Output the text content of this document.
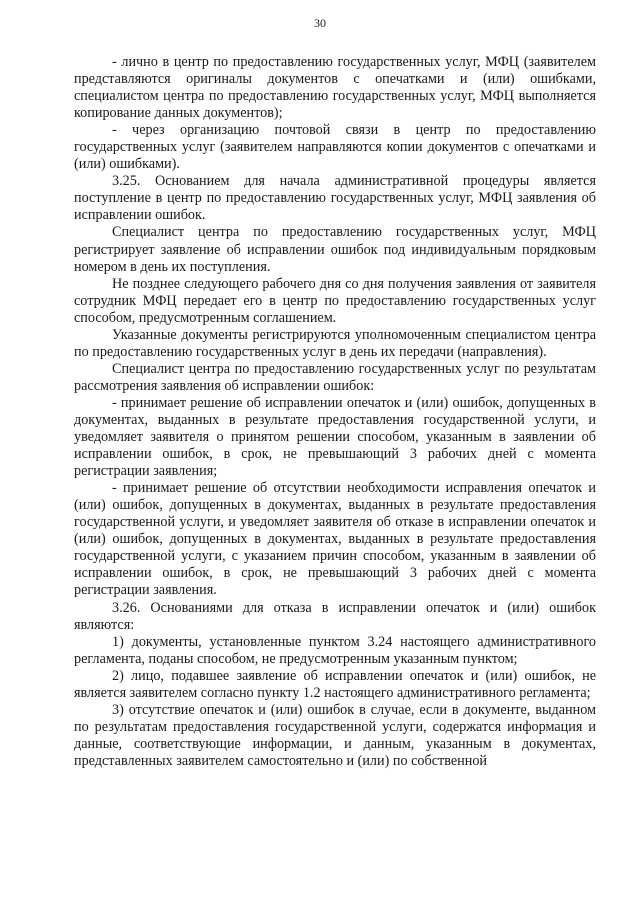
30

- лично в центр по предоставлению государственных услуг, МФЦ (заявителем представляются оригиналы документов с опечатками и (или) ошибками, специалистом центра по предоставлению государственных услуг, МФЦ выполняется копирование данных документов);

- через организацию почтовой связи в центр по предоставлению государственных услуг (заявителем направляются копии документов с опечатками и (или) ошибками).

3.25. Основанием для начала административной процедуры является поступление в центр по предоставлению государственных услуг, МФЦ заявления об исправлении ошибок.

Специалист центра по предоставлению государственных услуг, МФЦ регистрирует заявление об исправлении ошибок под индивидуальным порядковым номером в день их поступления.

Не позднее следующего рабочего дня со дня получения заявления от заявителя сотрудник МФЦ передает его в центр по предоставлению государственных услуг способом, предусмотренным соглашением.

Указанные документы регистрируются уполномоченным специалистом центра по предоставлению государственных услуг в день их передачи (направления).

Специалист центра по предоставлению государственных услуг по результатам рассмотрения заявления об исправлении ошибок:

- принимает решение об исправлении опечаток и (или) ошибок, допущенных в документах, выданных в результате предоставления государственной услуги, и уведомляет заявителя о принятом решении способом, указанным в заявлении об исправлении ошибок, в срок, не превышающий 3 рабочих дней с момента регистрации заявления;

- принимает решение об отсутствии необходимости исправления опечаток и (или) ошибок, допущенных в документах, выданных в результате предоставления государственной услуги, и уведомляет заявителя об отказе в исправлении опечаток и (или) ошибок, допущенных в документах, выданных в результате предоставления государственной услуги, с указанием причин способом, указанным в заявлении об исправлении ошибок, в срок, не превышающий 3 рабочих дней с момента регистрации заявления.

3.26. Основаниями для отказа в исправлении опечаток и (или) ошибок являются:

1) документы, установленные пунктом 3.24 настоящего административного регламента, поданы способом, не предусмотренным указанным пунктом;

2) лицо, подавшее заявление об исправлении опечаток и (или) ошибок, не является заявителем согласно пункту 1.2 настоящего административного регламента;

3) отсутствие опечаток и (или) ошибок в случае, если в документе, выданном по результатам предоставления государственной услуги, содержатся информация и данные, соответствующие информации, и данным, указанным в документах, представленных заявителем самостоятельно и (или) по собственной
